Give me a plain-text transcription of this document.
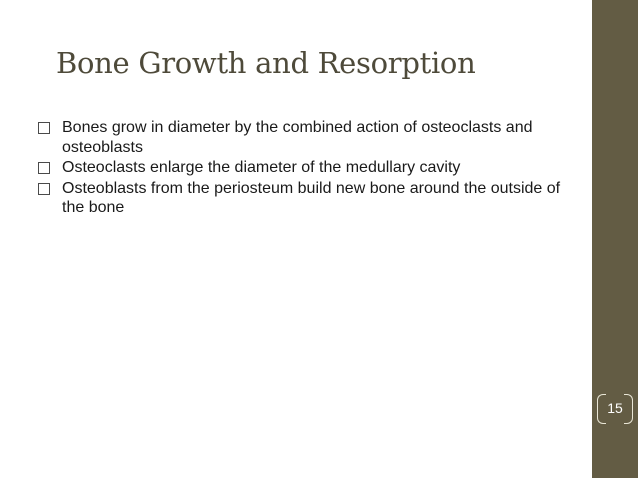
15
Bone Growth and Resorption
Bones grow in diameter by the combined action of osteoclasts and osteoblasts
Osteoclasts enlarge the diameter of the medullary cavity
Osteoblasts from the periosteum build new bone around the outside of the bone
